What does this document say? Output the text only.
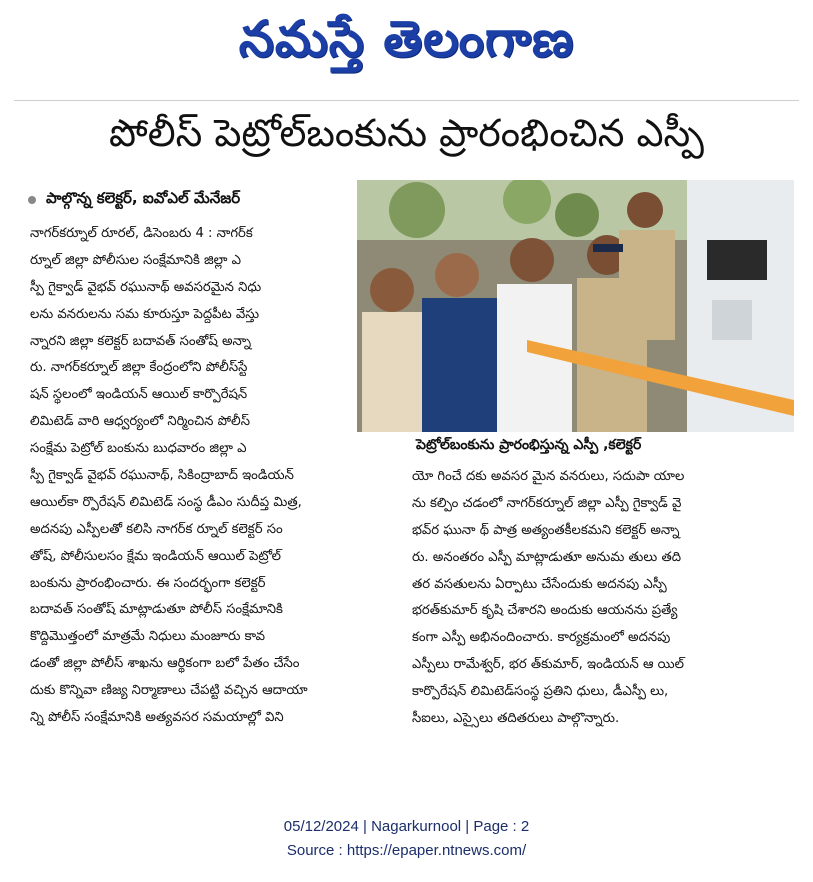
నమస్తే తెలంగాణ
పోలీస్ పెట్రోల్‌బంకును ప్రారంభించిన ఎస్పీ
పాల్గొన్న కలెక్టర్, ఐవోఎల్ మేనేజర్
నాగర్‌కర్నూల్ రూరల్, డిసెంబరు 4 : నాగర్‌క
ర్నూల్ జిల్లా పోలీసుల సంక్షేమానికి జిల్లా ఎ
స్పీ గైక్వాడ్ వైభవ్ రఘునాథ్ అవసరమైన నిధు
లను వనరులను సమ కూరుస్తూ పెద్దపీట వేస్తు
న్నారని జిల్లా కలెక్టర్ బదావత్ సంతోష్ అన్నా
రు. నాగర్‌కర్నూల్ జిల్లా కేంద్రంలోని పోలీస్‌స్టే
షన్ స్థలంలో ఇండియన్ ఆయిల్ కార్పొరేషన్
లిమిటెడ్ వారి ఆధ్వర్యంలో నిర్మించిన పోలీస్
సంక్షేమ పెట్రోల్ బంకును బుధవారం జిల్లా ఎ
స్పీ గైక్వాడ్ వైభవ్ రఘునాథ్, సికింద్రాబాద్ ఇండియన్
ఆయిల్‌కా ర్పొరేషన్ లిమిటెడ్ సంస్థ డీఎం సుదీప్త మిత్ర,
అదనపు ఎస్పీలతో కలిసి నాగర్‌క ర్నూల్ కలెక్టర్ సం
తోష్, పోలీసులసం క్షేమ ఇండియన్ ఆయిల్ పెట్రోల్
బంకును ప్రారంభించారు. ఈ సందర్భంగా కలెక్టర్
బదావత్ సంతోష్ మాట్లాడుతూ పోలీస్ సంక్షేమానికి
కొద్దిమొత్తంలో మాత్రమే నిధులు మంజూరు కావ
డంతో జిల్లా పోలీస్ శాఖను ఆర్థికంగా బలో పేతం చేసేం
దుకు కొన్నివా ణిజ్య నిర్మాణాలు చేపట్టి వచ్చిన ఆదాయా
న్ని పోలీస్ సంక్షేమానికి అత్యవసర సమయాల్లో విని
పెట్రోల్‌బంకును ప్రారంభిస్తున్న ఎస్పీ ,కలెక్టర్
యో గించే దకు అవసర మైన వనరులు, సదుపా యాల
ను కల్పిం చడంలో నాగర్‌కర్నూల్ జిల్లా ఎస్పీ గైక్వాడ్ వై
భవ్‌ర ఘునా థ్‌ పాత్ర అత్యంతకీలకమని కలెక్టర్ అన్నా
రు. అనంతరం ఎస్పీ మాట్లాడుతూ అనుమ తులు తది
తర వసతులను ఏర్పాటు చేసేందుకు అదనపు ఎస్పీ
భరత్‌కుమార్ కృషి చేశారని అందుకు ఆయనను ప్రత్యే
కంగా ఎస్పీ అభినందించారు. కార్యక్రమంలో అదనపు
ఎస్పీలు రామేశ్వర్, భర త్‌కుమార్, ఇండియన్ ఆ యిల్
కార్పొరేషన్ లిమిటెడ్‌సంస్థ ప్రతిని ధులు, డీఎస్పీ లు,
సీఐలు, ఎస్సైలు తదితరులు పాల్గొన్నారు.
05/12/2024 | Nagarkurnool | Page : 2
Source : https://epaper.ntnews.com/
